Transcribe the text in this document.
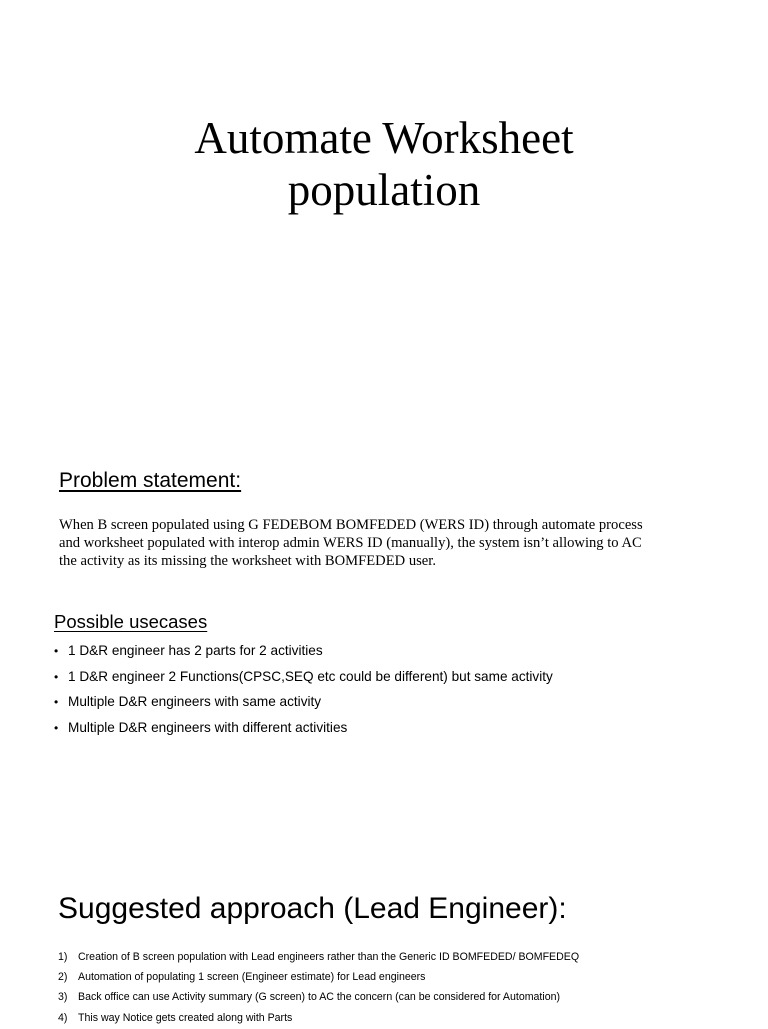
Automate Worksheet
population
Problem statement:
When B screen populated using G FEDEBOM BOMFEDED (WERS ID) through automate process
and worksheet populated with interop admin WERS ID (manually), the system isn’t allowing to AC
the activity as its missing the worksheet with BOMFEDED user.
Possible usecases
• 1 D&R engineer has 2 parts for 2 activities
• 1 D&R engineer 2 Functions(CPSC,SEQ etc could be different) but same activity
• Multiple D&R engineers with same activity
• Multiple D&R engineers with different activities
Suggested approach (Lead Engineer):
1) Creation of B screen population with Lead engineers rather than the Generic ID BOMFEDED/ BOMFEDEQ
2) Automation of populating 1 screen (Engineer estimate) for Lead engineers
3) Back office can use Activity summary (G screen) to AC the concern (can be considered for Automation)
4) This way Notice gets created along with Parts
